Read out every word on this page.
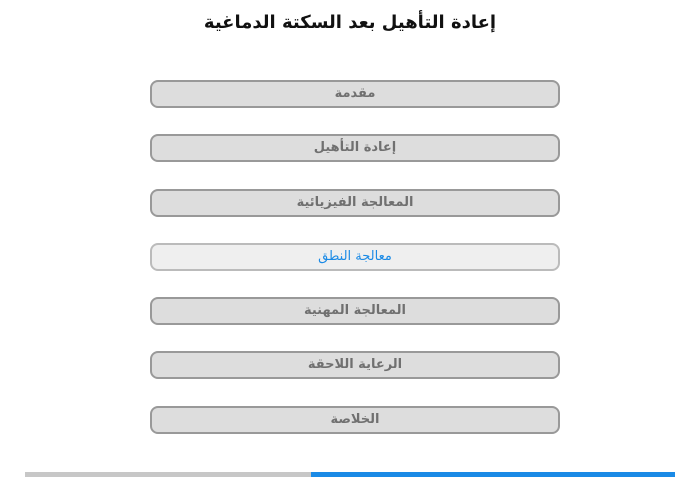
إعادة التأهيل بعد السكتة الدماغية
مقدمة
إعادة التأهيل
المعالجة الفيزيائية
معالجة النطق
المعالجة المهنية
الرعاية اللاحقة
الخلاصة
